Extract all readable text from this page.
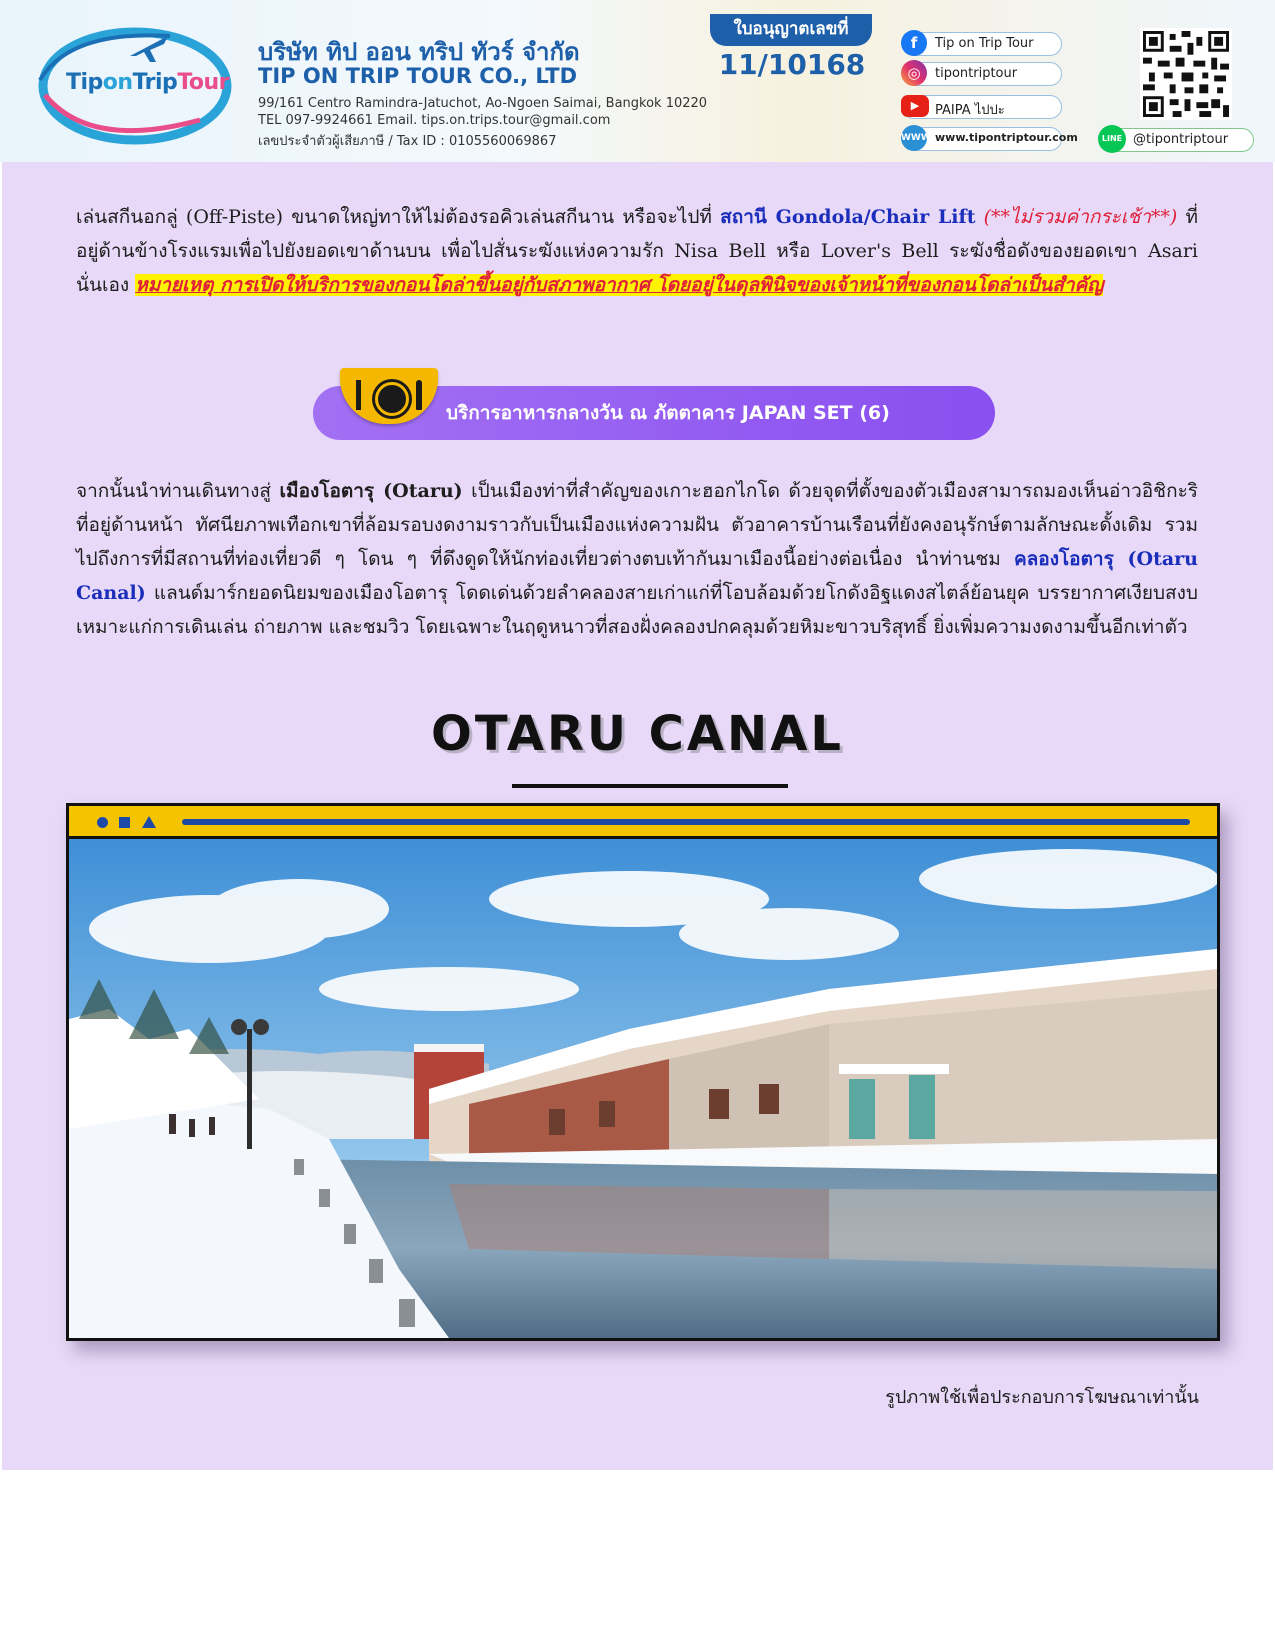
TiponTripTour
บริษัท ทิป ออน ทริป ทัวร์ จำกัด
TIP ON TRIP TOUR CO., LTD
99/161 Centro Ramindra-Jatuchot, Ao-Ngoen Saimai, Bangkok 10220
TEL 097-9924661 Email. tips.on.trips.tour@gmail.com
เลขประจำตัวผู้เสียภาษี / Tax ID : 0105560069867
ใบอนุญาตเลขที่
11/10168
f	Tip on Trip Tour
◎	tipontriptour
▶	PAIPA ไปปะ
WWW www.tipontriptour.com	LINE @tipontriptour
เล่นสกีนอกลู่ (Off-Piste) ขนาดใหญ่ทาให้ไม่ต้องรอคิวเล่นสกีนาน หรือจะไปที่ สถานี Gondola/Chair Lift (**ไม่รวมค่ากระเช้า**) ที่อยู่ด้านข้างโรงแรมเพื่อไปยังยอดเขาด้านบน เพื่อไปสั่นระฆังแห่งความรัก Nisa Bell หรือ Lover's Bell ระฆังชื่อดังของยอดเขา Asari นั่นเอง หมายเหตุ การเปิดให้บริการของกอนโดล่าขึ้นอยู่กับสภาพอากาศ โดยอยู่ในดุลพินิจของเจ้าหน้าที่ของกอนโดล่าเป็นสำคัญ
บริการอาหารกลางวัน ณ ภัตตาคาร JAPAN SET (6)
จากนั้นนำท่านเดินทางสู่ เมืองโอตารุ (Otaru) เป็นเมืองท่าที่สำคัญของเกาะฮอกไกโด ด้วยจุดที่ตั้งของตัวเมืองสามารถมองเห็นอ่าวอิชิกะริที่อยู่ด้านหน้า ทัศนียภาพเทือกเขาที่ล้อมรอบงดงามราวกับเป็นเมืองแห่งความฝัน ตัวอาคารบ้านเรือนที่ยังคงอนุรักษ์ตามลักษณะดั้งเดิม รวมไปถึงการที่มีสถานที่ท่องเที่ยวดี ๆ โดน ๆ ที่ดึงดูดให้นักท่องเที่ยวต่างตบเท้ากันมาเมืองนี้อย่างต่อเนื่อง นำท่านชม คลองโอตารุ (Otaru Canal) แลนด์มาร์กยอดนิยมของเมืองโอตารุ โดดเด่นด้วยลำคลองสายเก่าแก่ที่โอบล้อมด้วยโกดังอิฐแดงสไตล์ย้อนยุค บรรยากาศเงียบสงบ เหมาะแก่การเดินเล่น ถ่ายภาพ และชมวิว โดยเฉพาะในฤดูหนาวที่สองฝั่งคลองปกคลุมด้วยหิมะขาวบริสุทธิ์ ยิ่งเพิ่มความงดงามขึ้นอีกเท่าตัว
OTARU CANAL
รูปภาพใช้เพื่อประกอบการโฆษณาเท่านั้น
